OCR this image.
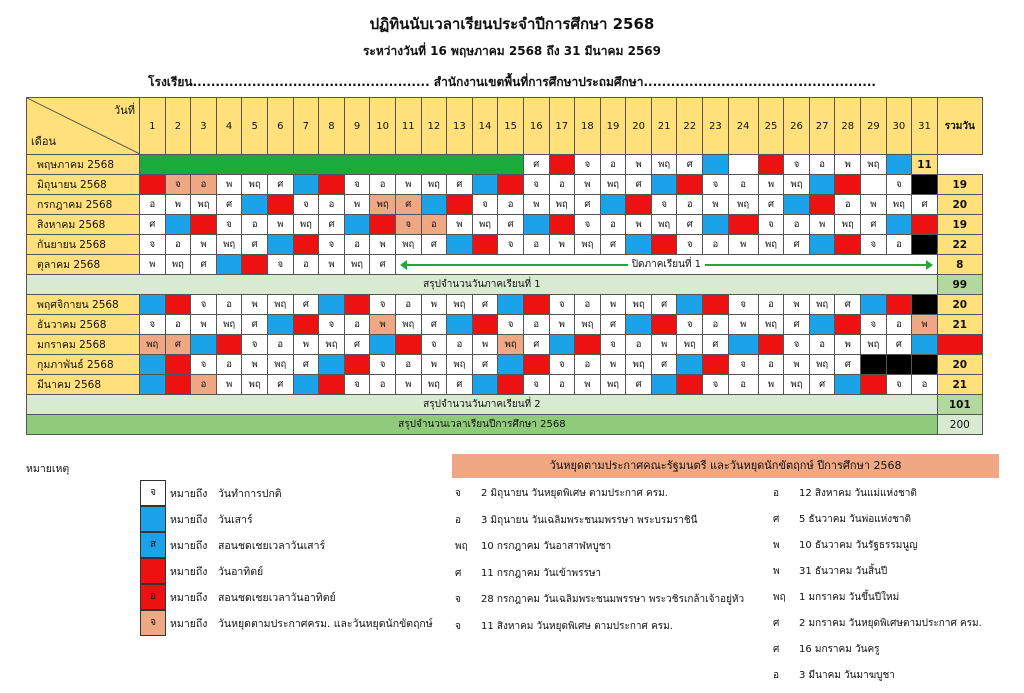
ปฏิทินนับเวลาเรียนประจำปีการศึกษา 2568
ระหว่างวันที่ 16 พฤษภาคม 2568 ถึง 31 มีนาคม 2569
โรงเรียน.................................................... สำนักงานเขตพื้นที่การศึกษาประถมศึกษา...................................................
วันที่
เดือน	1	2	3	4	5	6	7	8	9	10	11	12	13	14	15	16	17	18	19	20	21	22	23	24	25	26	27	28	29	30	31	รวมวัน	
พฤษภาคม 2568																ศ		จ	อ	พ	พฤ	ศ				จ	อ	พ	พฤ		11		
มิถุนายน 2568		จ	อ	พ	พฤ	ศ			จ	อ	พ	พฤ	ศ			จ	อ	พ	พฤ	ศ			จ	อ	พ	พฤ				จ		19	
กรกฎาคม 2568	อ	พ	พฤ	ศ			จ	อ	พ	พฤ	ศ			จ	อ	พ	พฤ	ศ			จ	อ	พ	พฤ	ศ			อ	พ	พฤ	ศ	20	
สิงหาคม 2568	ศ			จ	อ	พ	พฤ	ศ			จ	อ	พ	พฤ	ศ			จ	อ	พ	พฤ	ศ			จ	อ	พ	พฤ	ศ			19	
กันยายน 2568	จ	อ	พ	พฤ	ศ			จ	อ	พ	พฤ	ศ			จ	อ	พ	พฤ	ศ			จ	อ	พ	พฤ	ศ			จ	อ		22	
ตุลาคม 2568	พ	พฤ	ศ			จ	อ	พ	พฤ	ศ	ปิดภาคเรียนที่ 1																					8	
สรุปจำนวนวันภาคเรียนที่ 1																																99	
พฤศจิกายน 2568			จ	อ	พ	พฤ	ศ			จ	อ	พ	พฤ	ศ			จ	อ	พ	พฤ	ศ			จ	อ	พ	พฤ	ศ				20	
ธันวาคม 2568	จ	อ	พ	พฤ	ศ			จ	อ	พ	พฤ	ศ			จ	อ	พ	พฤ	ศ			จ	อ	พ	พฤ	ศ			จ	อ	พ	21	
มกราคม 2568	พฤ	ศ			จ	อ	พ	พฤ	ศ			จ	อ	พ	พฤ	ศ			จ	อ	พ	พฤ	ศ			จ	อ	พ	พฤ	ศ			
กุมภาพันธ์ 2568			จ	อ	พ	พฤ	ศ			จ	อ	พ	พฤ	ศ			จ	อ	พ	พฤ	ศ			จ	อ	พ	พฤ	ศ				20	
มีนาคม 2568			อ	พ	พฤ	ศ			จ	อ	พ	พฤ	ศ			จ	อ	พ	พฤ	ศ			จ	อ	พ	พฤ	ศ			จ	อ	21	
สรุปจำนวนวันภาคเรียนที่ 2																																101	
สรุปจำนวนเวลาเรียนปีการศึกษา 2568																																200	
หมายเหตุ
จ	หมายถึง วันทำการปกติ
หมายถึง วันเสาร์
ส	หมายถึง สอนชดเชยเวลาวันเสาร์
หมายถึง วันอาทิตย์
อ	หมายถึง สอนชดเชยเวลาวันอาทิตย์
จ	หมายถึง วันหยุดตามประกาศครม. และวันหยุดนักขัตฤกษ์
วันหยุดตามประกาศคณะรัฐมนตรี และวันหยุดนักขัตฤกษ์ ปีการศึกษา 2568
จ 2 มิถุนายน วันหยุดพิเศษ ตามประกาศ ครม.
อ 3 มิถุนายน วันเฉลิมพระชนมพรรษา พระบรมราชินี
พฤ 10 กรกฎาคม วันอาสาฬหบูชา
ศ 11 กรกฎาคม วันเข้าพรรษา
จ 28 กรกฎาคม วันเฉลิมพระชนมพรรษา พระวชิรเกล้าเจ้าอยู่หัว
จ 11 สิงหาคม วันหยุดพิเศษ ตามประกาศ ครม.
อ 12 สิงหาคม วันแม่แห่งชาติ
ศ 5 ธันวาคม วันพ่อแห่งชาติ
พ 10 ธันวาคม วันรัฐธรรมนูญ
พ 31 ธันวาคม วันสิ้นปี
พฤ 1 มกราคม วันขึ้นปีใหม่
ศ 2 มกราคม วันหยุดพิเศษตามประกาศ ครม.
ศ 16 มกราคม วันครู
อ 3 มีนาคม วันมาฆบูชา
